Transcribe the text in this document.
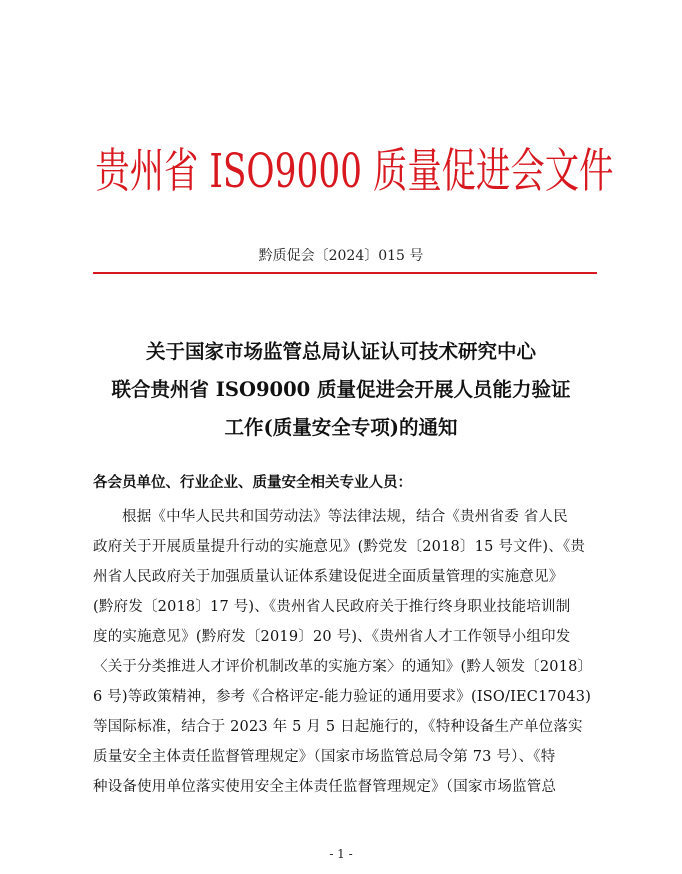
贵州省 ISO9000 质量促进会文件
黔质促会〔2024〕015 号
关于国家市场监管总局认证认可技术研究中心
联合贵州省 ISO9000 质量促进会开展人员能力验证
工作(质量安全专项)的通知
各会员单位、行业企业、质量安全相关专业人员：
根据《中华人民共和国劳动法》等法律法规，结合《贵州省委 省人民
政府关于开展质量提升行动的实施意见》(黔党发〔2018〕15 号文件)、《贵
州省人民政府关于加强质量认证体系建设促进全面质量管理的实施意见》
(黔府发〔2018〕17 号)、《贵州省人民政府关于推行终身职业技能培训制
度的实施意见》(黔府发〔2019〕20 号)、《贵州省人才工作领导小组印发
〈关于分类推进人才评价机制改革的实施方案〉的通知》(黔人领发〔2018〕
6 号)等政策精神，参考《合格评定-能力验证的通用要求》(ISO/IEC17043)
等国际标准，结合于 2023 年 5 月 5 日起施行的，《特种设备生产单位落实
质量安全主体责任监督管理规定》（国家市场监管总局令第 73 号）、《特
种设备使用单位落实使用安全主体责任监督管理规定》（国家市场监管总
- 1 -
